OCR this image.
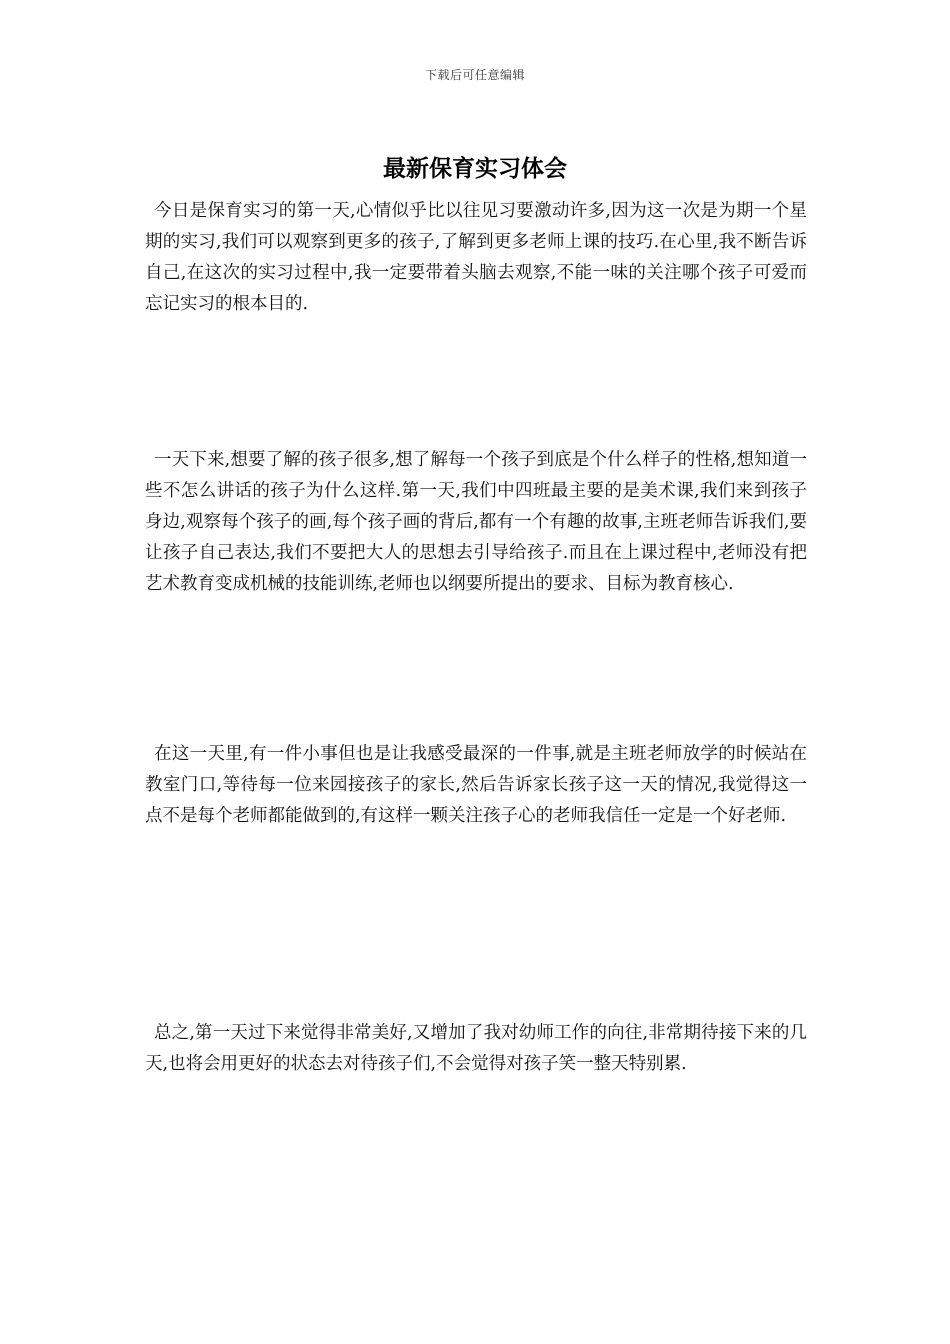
下载后可任意编辑
最新保育实习体会

今日是保育实习的第一天,心情似乎比以往见习要激动许多,因为这一次是为期一个星期的实习,我们可以观察到更多的孩子,了解到更多老师上课的技巧.在心里,我不断告诉自己,在这次的实习过程中,我一定要带着头脑去观察,不能一味的关注哪个孩子可爱而忘记实习的根本目的.

一天下来,想要了解的孩子很多,想了解每一个孩子到底是个什么样子的性格,想知道一些不怎么讲话的孩子为什么这样.第一天,我们中四班最主要的是美术课,我们来到孩子身边,观察每个孩子的画,每个孩子画的背后,都有一个有趣的故事,主班老师告诉我们,要让孩子自己表达,我们不要把大人的思想去引导给孩子.而且在上课过程中,老师没有把艺术教育变成机械的技能训练,老师也以纲要所提出的要求、目标为教育核心.

在这一天里,有一件小事但也是让我感受最深的一件事,就是主班老师放学的时候站在教室门口,等待每一位来园接孩子的家长,然后告诉家长孩子这一天的情况,我觉得这一点不是每个老师都能做到的,有这样一颗关注孩子心的老师我信任一定是一个好老师.

总之,第一天过下来觉得非常美好,又增加了我对幼师工作的向往,非常期待接下来的几天,也将会用更好的状态去对待孩子们,不会觉得对孩子笑一整天特别累.
